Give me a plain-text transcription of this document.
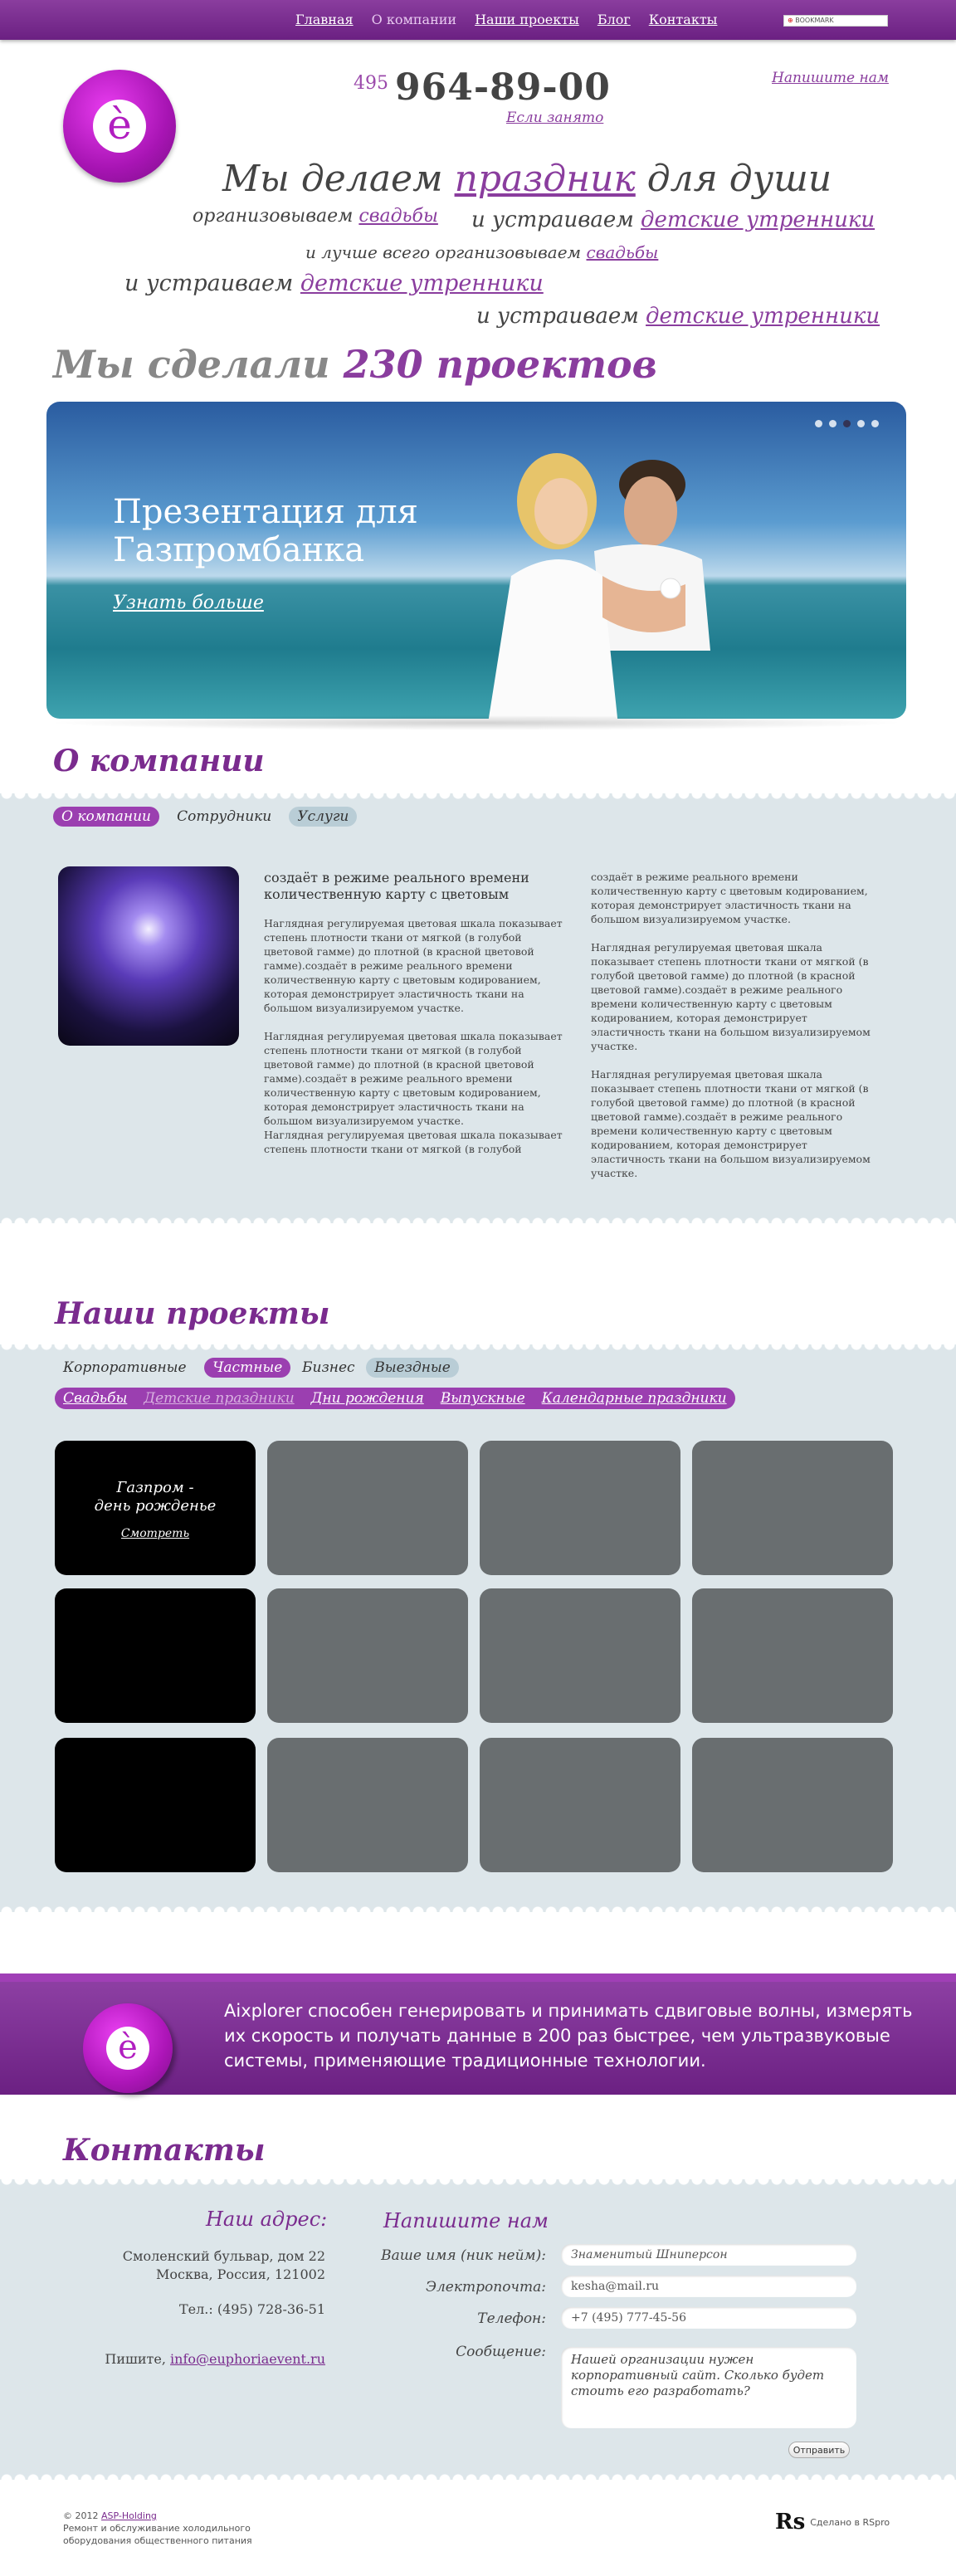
Главная О компании Наши проекты Блог Контакты	⊕ BOOKMARK
è
495 964-89-00
Если занято
Напишите нам
Мы делаем праздник для души
организовываем свадьбы и устраиваем детские утренники
и лучше всего организовываем свадьбы
и устраиваем детские утренники
и устраиваем детские утренники
Мы сделали 230 проектов
Презентация для
Газпромбанка
Узнать больше
О компании
О компании Сотрудники Услуги
создаёт в режиме реального времени количественную карту с цветовым

Наглядная регулируемая цветовая шкала показывает степень плотности ткани от мягкой (в голубой цветовой гамме) до плотной (в красной цветовой гамме).создаёт в режиме реального времени количественную карту с цветовым кодированием, которая демонстрирует эластичность ткани на большом визуализируемом участке.

Наглядная регулируемая цветовая шкала показывает степень плотности ткани от мягкой (в голубой цветовой гамме) до плотной (в красной цветовой гамме).создаёт в режиме реального времени количественную карту с цветовым кодированием, которая демонстрирует эластичность ткани на большом визуализируемом участке.

Наглядная регулируемая цветовая шкала показывает степень плотности ткани от мягкой (в голубой

создаёт в режиме реального времени количественную карту с цветовым кодированием, которая демонстрирует эластичность ткани на большом визуализируемом участке.

Наглядная регулируемая цветовая шкала показывает степень плотности ткани от мягкой (в голубой цветовой гамме) до плотной (в красной цветовой гамме).создаёт в режиме реального времени количественную карту с цветовым кодированием, которая демонстрирует эластичность ткани на большом визуализируемом участке.

Наглядная регулируемая цветовая шкала показывает степень плотности ткани от мягкой (в голубой цветовой гамме) до плотной (в красной цветовой гамме).создаёт в режиме реального времени количественную карту с цветовым кодированием, которая демонстрирует эластичность ткани на большом визуализируемом участке.

Наши проекты
Корпоративные Частные Бизнес Выездные
Свадьбы Детские праздники Дни рождения Выпускные Календарные праздники
Газпром -
день рожденье
Смотреть
è
Aixplorer способен генерировать и принимать сдвиговые волны, измерять их скорость и получать данные в 200 раз быстрее, чем ультразвуковые системы, применяющие традиционные технологии.
Контакты
Наш адрес:
Смоленский бульвар, дом 22
Москва, Россия, 121002
Тел.: (495) 728-36-51
Пишите, info@euphoriaevent.ru
Напишите нам
Ваше имя (ник нейм):
Знаменитый Шниперсон
Электропочта:
kesha@mail.ru
Телефон:
+7 (495) 777-45-56
Сообщение:
Нашей организации нужен корпоративный сайт. Сколько будет стоить его разработать?
Отправить
© 2012 ASP-Holding
Ремонт и обслуживание холодильного
оборудования общественного питания
Rs Сделано в RSpro
